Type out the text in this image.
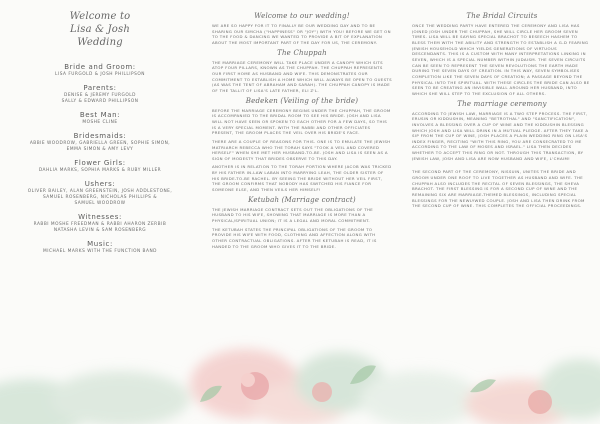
Welcome to
Lisa & Josh
Wedding
Bride and Groom:
LISA FURGOLD & JOSH PHILLIPSON
Parents:
DENISE & JEREMY FURGOLD
SALLY & EDWARD PHILLIPSON
Best Man:
MOSHE CLINE
Bridesmaids:
ABBIE WOODROW, GABRIELLA GREEN, SOPHIE SIMON,
EMMA SIMON & AMY LEVY
Flower Girls:
DAHLIA MARKS, SOPHIA MARKS & RUBY MILLER
Ushers:
OLIVER BAILEY, ALAN GREENSTEIN, JOSH ADDLESTONE,
SAMUEL ROSENBERG, NICHOLAS PHILLIPS &
SAMUEL WOODROW
Witnesses:
RABBI MOSHE FREEDMAN & RABBI AHARON ZERBIB
NATASHA LEVIN & SAM ROSENBERG
Music:
MICHAEL MARKS WITH THE FUNCTION BAND
Welcome to our wedding!

WE ARE SO HAPPY FOR IT TO FINALLY BE OUR WEDDING DAY AND TO BE SHARING OUR SIMCHA ("HAPPINESS" OR "JOY") WITH YOU! BEFORE WE GET ON TO THE FOOD & DANCING WE WANTED TO PROVIDE A BIT OF EXPLANATION ABOUT THE MOST IMPORTANT PART OF THE DAY FOR US, THE CEREMONY.

The Chuppah

THE MARRIAGE CEREMONY WILL TAKE PLACE UNDER A CANOPY WHICH SITS ATOP FOUR PILLARS, KNOWN AS THE CHUPPAH. THE CHUPPAH REPRESENTS OUR FIRST HOME AS HUSBAND AND WIFE. THIS DEMONSTRATES OUR COMMITMENT TO ESTABLISH A HOME WHICH WILL ALWAYS BE OPEN TO GUESTS (AS WAS THE TENT OF ABRAHAM AND SARAH). THE CHUPPAH CANOPY IS MADE OF THE TALLIT OF LISA'S LATE FATHER, ELI Z'L.

Bedeken (Veiling of the bride)

BEFORE THE MARRIAGE CEREMONY BEGINS UNDER THE CHUPPAH, THE GROOM IS ACCOMPANIED TO THE BRIDAL ROOM TO SEE HIS BRIDE. JOSH AND LISA WILL NOT HAVE SEEN OR SPOKEN TO EACH OTHER FOR A FEW DAYS, SO THIS IS A VERY SPECIAL MOMENT. WITH THE RABBI AND OTHER OFFICIATES PRESENT, THE GROOM PLACES THE VEIL OVER HIS BRIDE'S FACE.

THERE ARE A COUPLE OF REASONS FOR THIS. ONE IS TO EMULATE THE JEWISH MATRIARCH REBECCA WHO THE TORAH SAYS "TOOK A VEIL AND COVERED HERSELF" WHEN SHE MET HER HUSBAND-TO-BE. JOSH AND LISA IS SEEN AS A SIGN OF MODESTY THAT BRIDES OBSERVE TO THIS DAY.

ANOTHER IS IN RELATION TO THE TORAH PORTION WHERE JACOB WAS TRICKED BY HIS FATHER IN-LAW LABAN INTO MARRYING LEAH, THE OLDER SISTER OF HIS BRIDE-TO-BE RACHEL. BY SEEING THE BRIDE WITHOUT HER VEIL FIRST, THE GROOM CONFIRMS THAT NOBODY HAS SWITCHED HIS FIANCE FOR SOMEONE ELSE, AND THEN VEILS HER HIMSELF!

Ketubah (Marriage contract)

THE JEWISH MARRIAGE CONTRACT SETS OUT THE OBLIGATIONS OF THE HUSBAND TO HIS WIFE, SHOWING THAT MARRIAGE IS MORE THAN A PHYSICAL/SPIRITUAL UNION; IT IS A LEGAL AND MORAL COMMITMENT.

THE KETUBAH STATES THE PRINCIPAL OBLIGATIONS OF THE GROOM TO PROVIDE HIS WIFE WITH FOOD, CLOTHING AND AFFECTION ALONG WITH OTHER CONTRACTUAL OBLIGATIONS. AFTER THE KETUBAH IS READ, IT IS HANDED TO THE GROOM WHO GIVES IT TO THE BRIDE.

The Bridal Circuits

ONCE THE WEDDING PARTY HAVE ENTERED THE CEREMONY AND LISA HAS JOINED JOSH UNDER THE CHUPPAH, SHE WILL CIRCLE HER GROOM SEVEN TIMES. LISA WILL BE SAYING SPECIAL BRACHOT TO BESEECH HASHEM TO BLESS THEM WITH THE ABILITY AND STRENGTH TO ESTABLISH A G-D FEARING JEWISH HOUSEHOLD WHICH YIELDS GENERATIONS OF VIRTUOUS DESCENDANTS. THIS IS A CUSTOM WITH MANY INTERPRETATIONS LINKING IN SEVEN, WHICH IS A SPECIAL NUMBER WITHIN JUDAISM. THE SEVEN CIRCUITS CAN BE SEEN TO REPRESENT THE SEVEN REVOLUTIONS THE EARTH MADE DURING THE SEVEN DAYS OF CREATION. IN THIS WAY, SEVEN SYMBOLISES COMPLETION LIKE THE SEVEN DAYS OF CREATION; A PASSAGE BEYOND THE PHYSICAL INTO THE SPIRITUAL. WITH THESE CIRCLES THE BRIDE CAN ALSO BE SEEN TO BE CREATING AN INVISIBLE WALL AROUND HER HUSBAND, INTO WHICH SHE WILL STEP TO THE EXCLUSION OF ALL OTHERS.

The marriage ceremony

ACCORDING TO JEWISH LAW, MARRIAGE IS A TWO STEP PROCESS. THE FIRST, ERUSIN OR KIDDUSHIN, MEANING "BETROTHAL" AND "SANCTIFICATION", INVOLVES A BLESSING OVER A CUP OF WINE AND THE KIDDUSHIN BLESSING WHICH JOSH AND LISA WILL DRINK IN A MUTUAL PLEDGE. AFTER THEY TAKE A SIP FROM THE CUP OF WINE, JOSH PLACES A PLAIN WEDDING RING ON LISA'S INDEX FINGER, RECITING "WITH THIS RING, YOU ARE CONSECRATED TO ME ACCORDING TO THE LAW OF MOSES AND ISRAEL." LISA THEN DECIDES WHETHER TO ACCEPT THIS RING OR NOT. THROUGH THIS TRANSACTION, BY JEWISH LAW, JOSH AND LISA ARE NOW HUSBAND AND WIFE, L'CHAIM!

THE SECOND PART OF THE CEREMONY, NISSUIN, UNITES THE BRIDE AND GROOM UNDER ONE ROOF TO LIVE TOGETHER AS HUSBAND AND WIFE. THE CHUPPAH ALSO INCLUDES THE RECITAL OF SEVEN BLESSINGS, THE SHEVA BRACHOT. THE FIRST BLESSING IS FOR A SECOND CUP OF WINE AND THE REMAINING SIX ARE MARRIAGE-THEMED BLESSINGS, INCLUDING SPECIAL BLESSINGS FOR THE NEWLYWED COUPLE. JOSH AND LISA THEN DRINK FROM THE SECOND CUP OF WINE. THIS COMPLETES THE OFFICIAL PROCEEDINGS.
